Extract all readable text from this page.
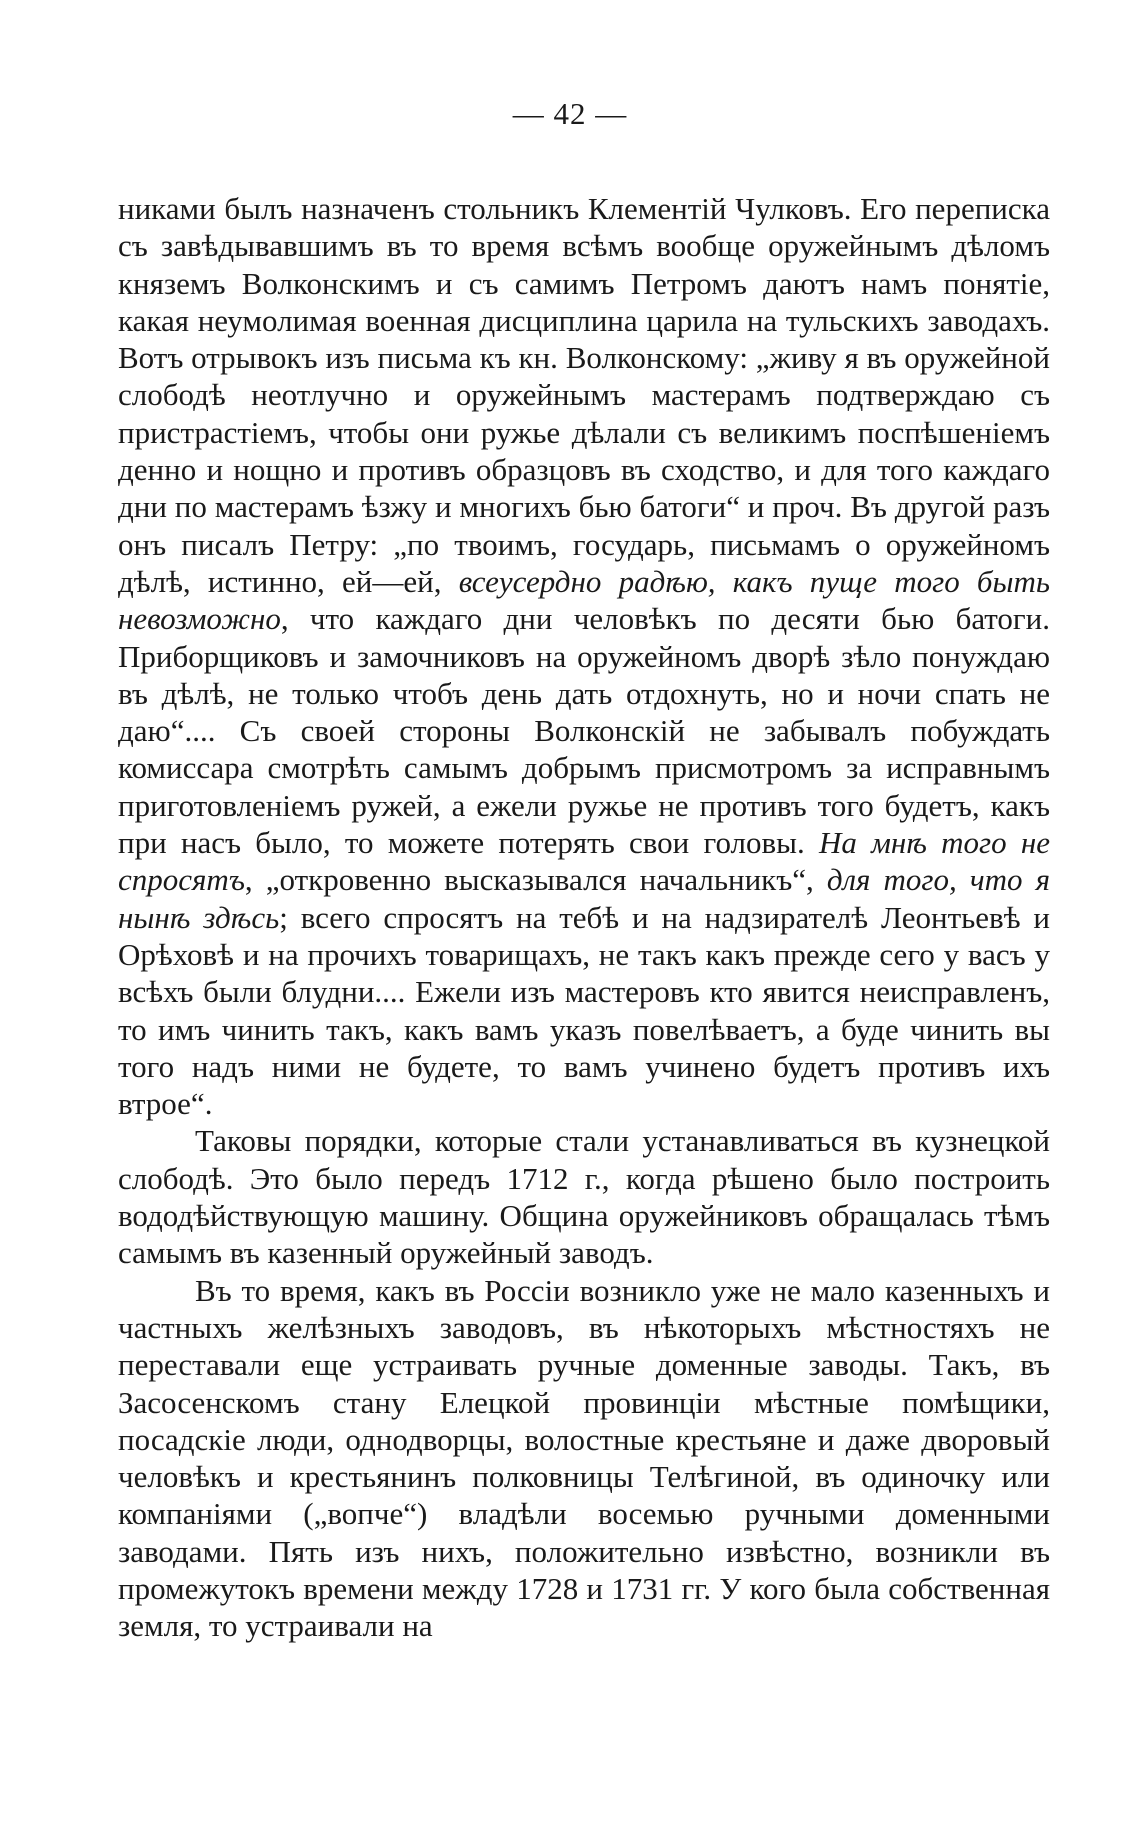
— 42 —

никами былъ назначенъ стольникъ Клементій Чулковъ. Его переписка съ завѣдывавшимъ въ то время всѣмъ вообще оружейнымъ дѣломъ княземъ Волконскимъ и съ самимъ Петромъ даютъ намъ понятіе, какая неумолимая военная дисциплина царила на тульскихъ заводахъ. Вотъ отрывокъ изъ письма къ кн. Волконскому: „живу я въ оружейной слободѣ неотлучно и оружейнымъ мастерамъ подтверждаю съ пристрастіемъ, чтобы они ружье дѣлали съ великимъ поспѣшеніемъ денно и нощно и противъ образцовъ въ сходство, и для того каждаго дни по мастерамъ ѣзжу и многихъ бью батоги“ и проч. Въ другой разъ онъ писалъ Петру: „по твоимъ, государь, письмамъ о оружейномъ дѣлѣ, истинно, ей—ей, всеусердно радѣю, какъ пуще того быть невозможно, что каждаго дни человѣкъ по десяти бью батоги. Приборщиковъ и замочниковъ на оружейномъ дворѣ зѣло понуждаю въ дѣлѣ, не только чтобъ день дать отдохнуть, но и ночи спать не даю“.... Съ своей стороны Волконскій не забывалъ побуждать комиссара смотрѣть самымъ добрымъ присмотромъ за исправнымъ приготовленіемъ ружей, а ежели ружье не противъ того будетъ, какъ при насъ было, то можете потерять свои головы. На мнѣ того не спросятъ, „откровенно высказывался начальникъ“, для того, что я нынѣ здѣсь; всего спросятъ на тебѣ и на надзирателѣ Леонтьевѣ и Орѣховѣ и на прочихъ товарищахъ, не такъ какъ прежде сего у васъ у всѣхъ были блудни.... Ежели изъ мастеровъ кто явится неисправленъ, то имъ чинить такъ, какъ вамъ указъ повелѣваетъ, а буде чинить вы того надъ ними не будете, то вамъ учинено будетъ противъ ихъ втрое“.

Таковы порядки, которые стали устанавливаться въ кузнецкой слободѣ. Это было передъ 1712 г., когда рѣшено было построить вододѣйствующую машину. Община оружейниковъ обращалась тѣмъ самымъ въ казенный оружейный заводъ.

Въ то время, какъ въ Россіи возникло уже не мало казенныхъ и частныхъ желѣзныхъ заводовъ, въ нѣкоторыхъ мѣстностяхъ не переставали еще устраивать ручные доменные заводы. Такъ, въ Засосенскомъ стану Елецкой провинціи мѣстные помѣщики, посадскіе люди, однодворцы, волостные крестьяне и даже дворовый человѣкъ и крестьянинъ полковницы Телѣгиной, въ одиночку или компаніями („вопче“) владѣли восемью ручными доменными заводами. Пять изъ нихъ, положительно извѣстно, возникли въ промежутокъ времени между 1728 и 1731 гг. У кого была собственная земля, то устраивали на
